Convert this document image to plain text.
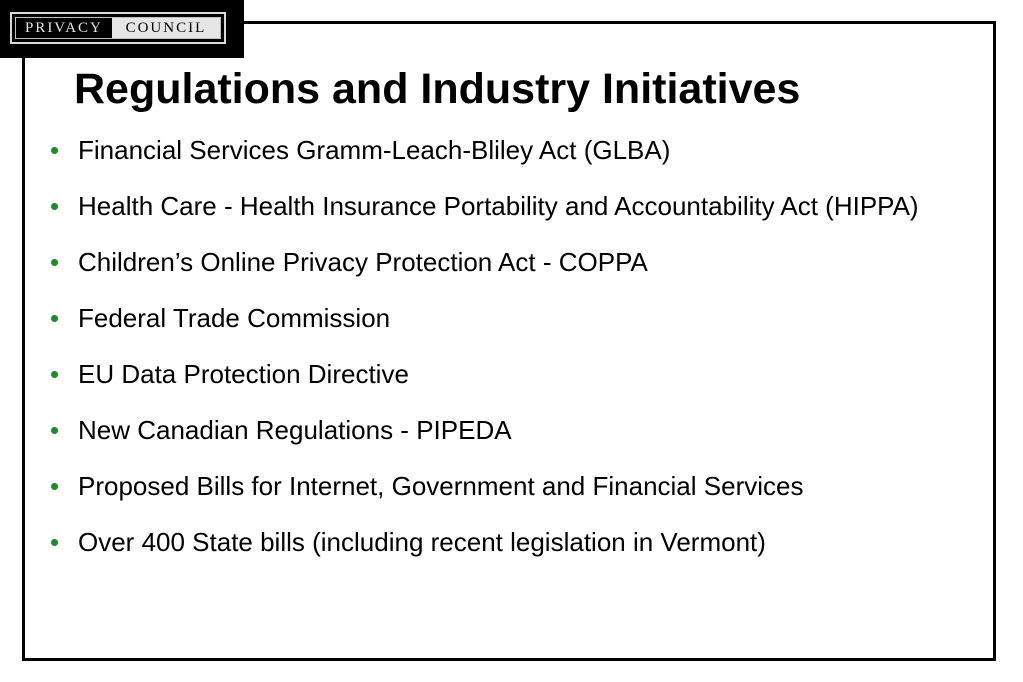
PRIVACY	COUNCIL
Regulations and Industry Initiatives
• Financial Services Gramm-Leach-Bliley Act (GLBA)
• Health Care - Health Insurance Portability and Accountability Act (HIPPA)
• Children’s Online Privacy Protection Act - COPPA
• Federal Trade Commission
• EU Data Protection Directive
• New Canadian Regulations - PIPEDA
• Proposed Bills for Internet, Government and Financial Services
• Over 400 State bills (including recent legislation in Vermont)
